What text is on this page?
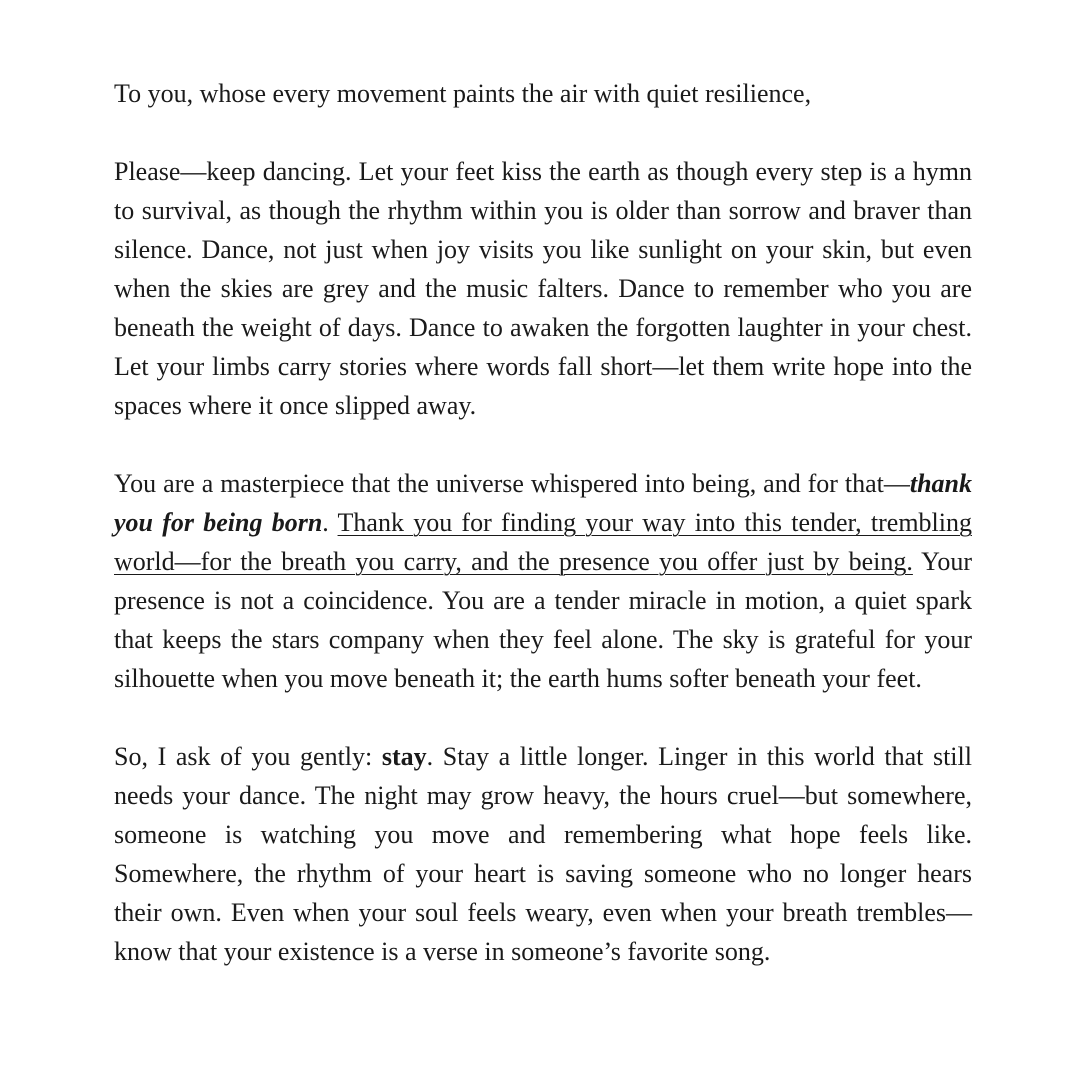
To you, whose every movement paints the air with quiet resilience,

Please—keep dancing. Let your feet kiss the earth as though every step is a hymn to survival, as though the rhythm within you is older than sorrow and braver than silence. Dance, not just when joy visits you like sunlight on your skin, but even when the skies are grey and the music falters. Dance to remember who you are beneath the weight of days. Dance to awaken the forgotten laughter in your chest. Let your limbs carry stories where words fall short—let them write hope into the spaces where it once slipped away.

You are a masterpiece that the universe whispered into being, and for that—thank you for being born. Thank you for finding your way into this tender, trembling world—for the breath you carry, and the presence you offer just by being. Your presence is not a coincidence. You are a tender miracle in motion, a quiet spark that keeps the stars company when they feel alone. The sky is grateful for your silhouette when you move beneath it; the earth hums softer beneath your feet.

So, I ask of you gently: stay. Stay a little longer. Linger in this world that still needs your dance. The night may grow heavy, the hours cruel—but somewhere, someone is watching you move and remembering what hope feels like. Somewhere, the rhythm of your heart is saving someone who no longer hears their own. Even when your soul feels weary, even when your breath trembles—know that your existence is a verse in someone’s favorite song.
